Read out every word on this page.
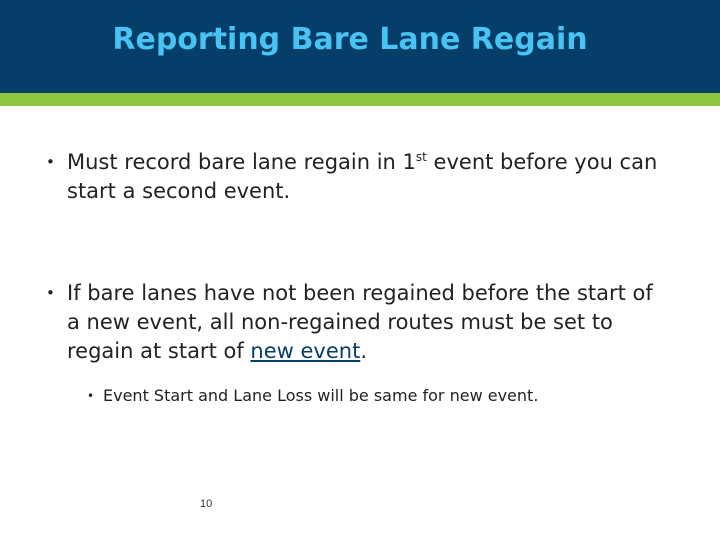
Reporting Bare Lane Regain
• Must record bare lane regain in 1st event before you can start a second event.
• If bare lanes have not been regained before the start of a new event, all non-regained routes must be set to regain at start of new event.
• Event Start and Lane Loss will be same for new event.
10
